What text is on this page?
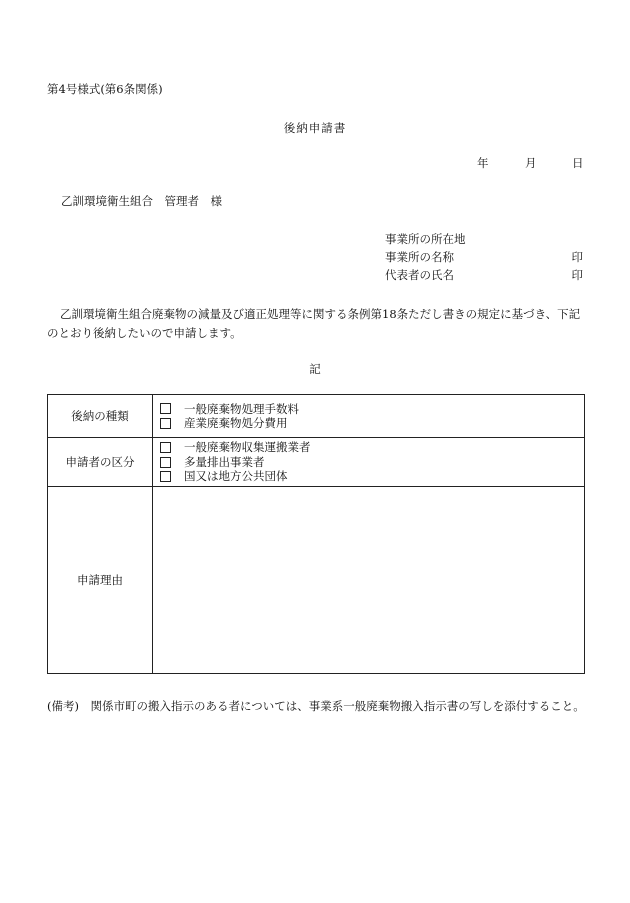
第4号様式(第6条関係)
後納申請書
年	月	日
乙訓環境衛生組合　管理者　様
事業所の所在地
事業所の名称	印
代表者の氏名	印
乙訓環境衛生組合廃棄物の減量及び適正処理等に関する条例第18条ただし書きの規定に基づき、下記のとおり後納したいので申請します。
記
後納の種類	一般廃棄物処理手数料
産業廃棄物処分費用

申請者の区分	一般廃棄物収集運搬業者
多量排出事業者
国又は地方公共団体

申請理由	
(備考)　関係市町の搬入指示のある者については、事業系一般廃棄物搬入指示書の写しを添付すること。
